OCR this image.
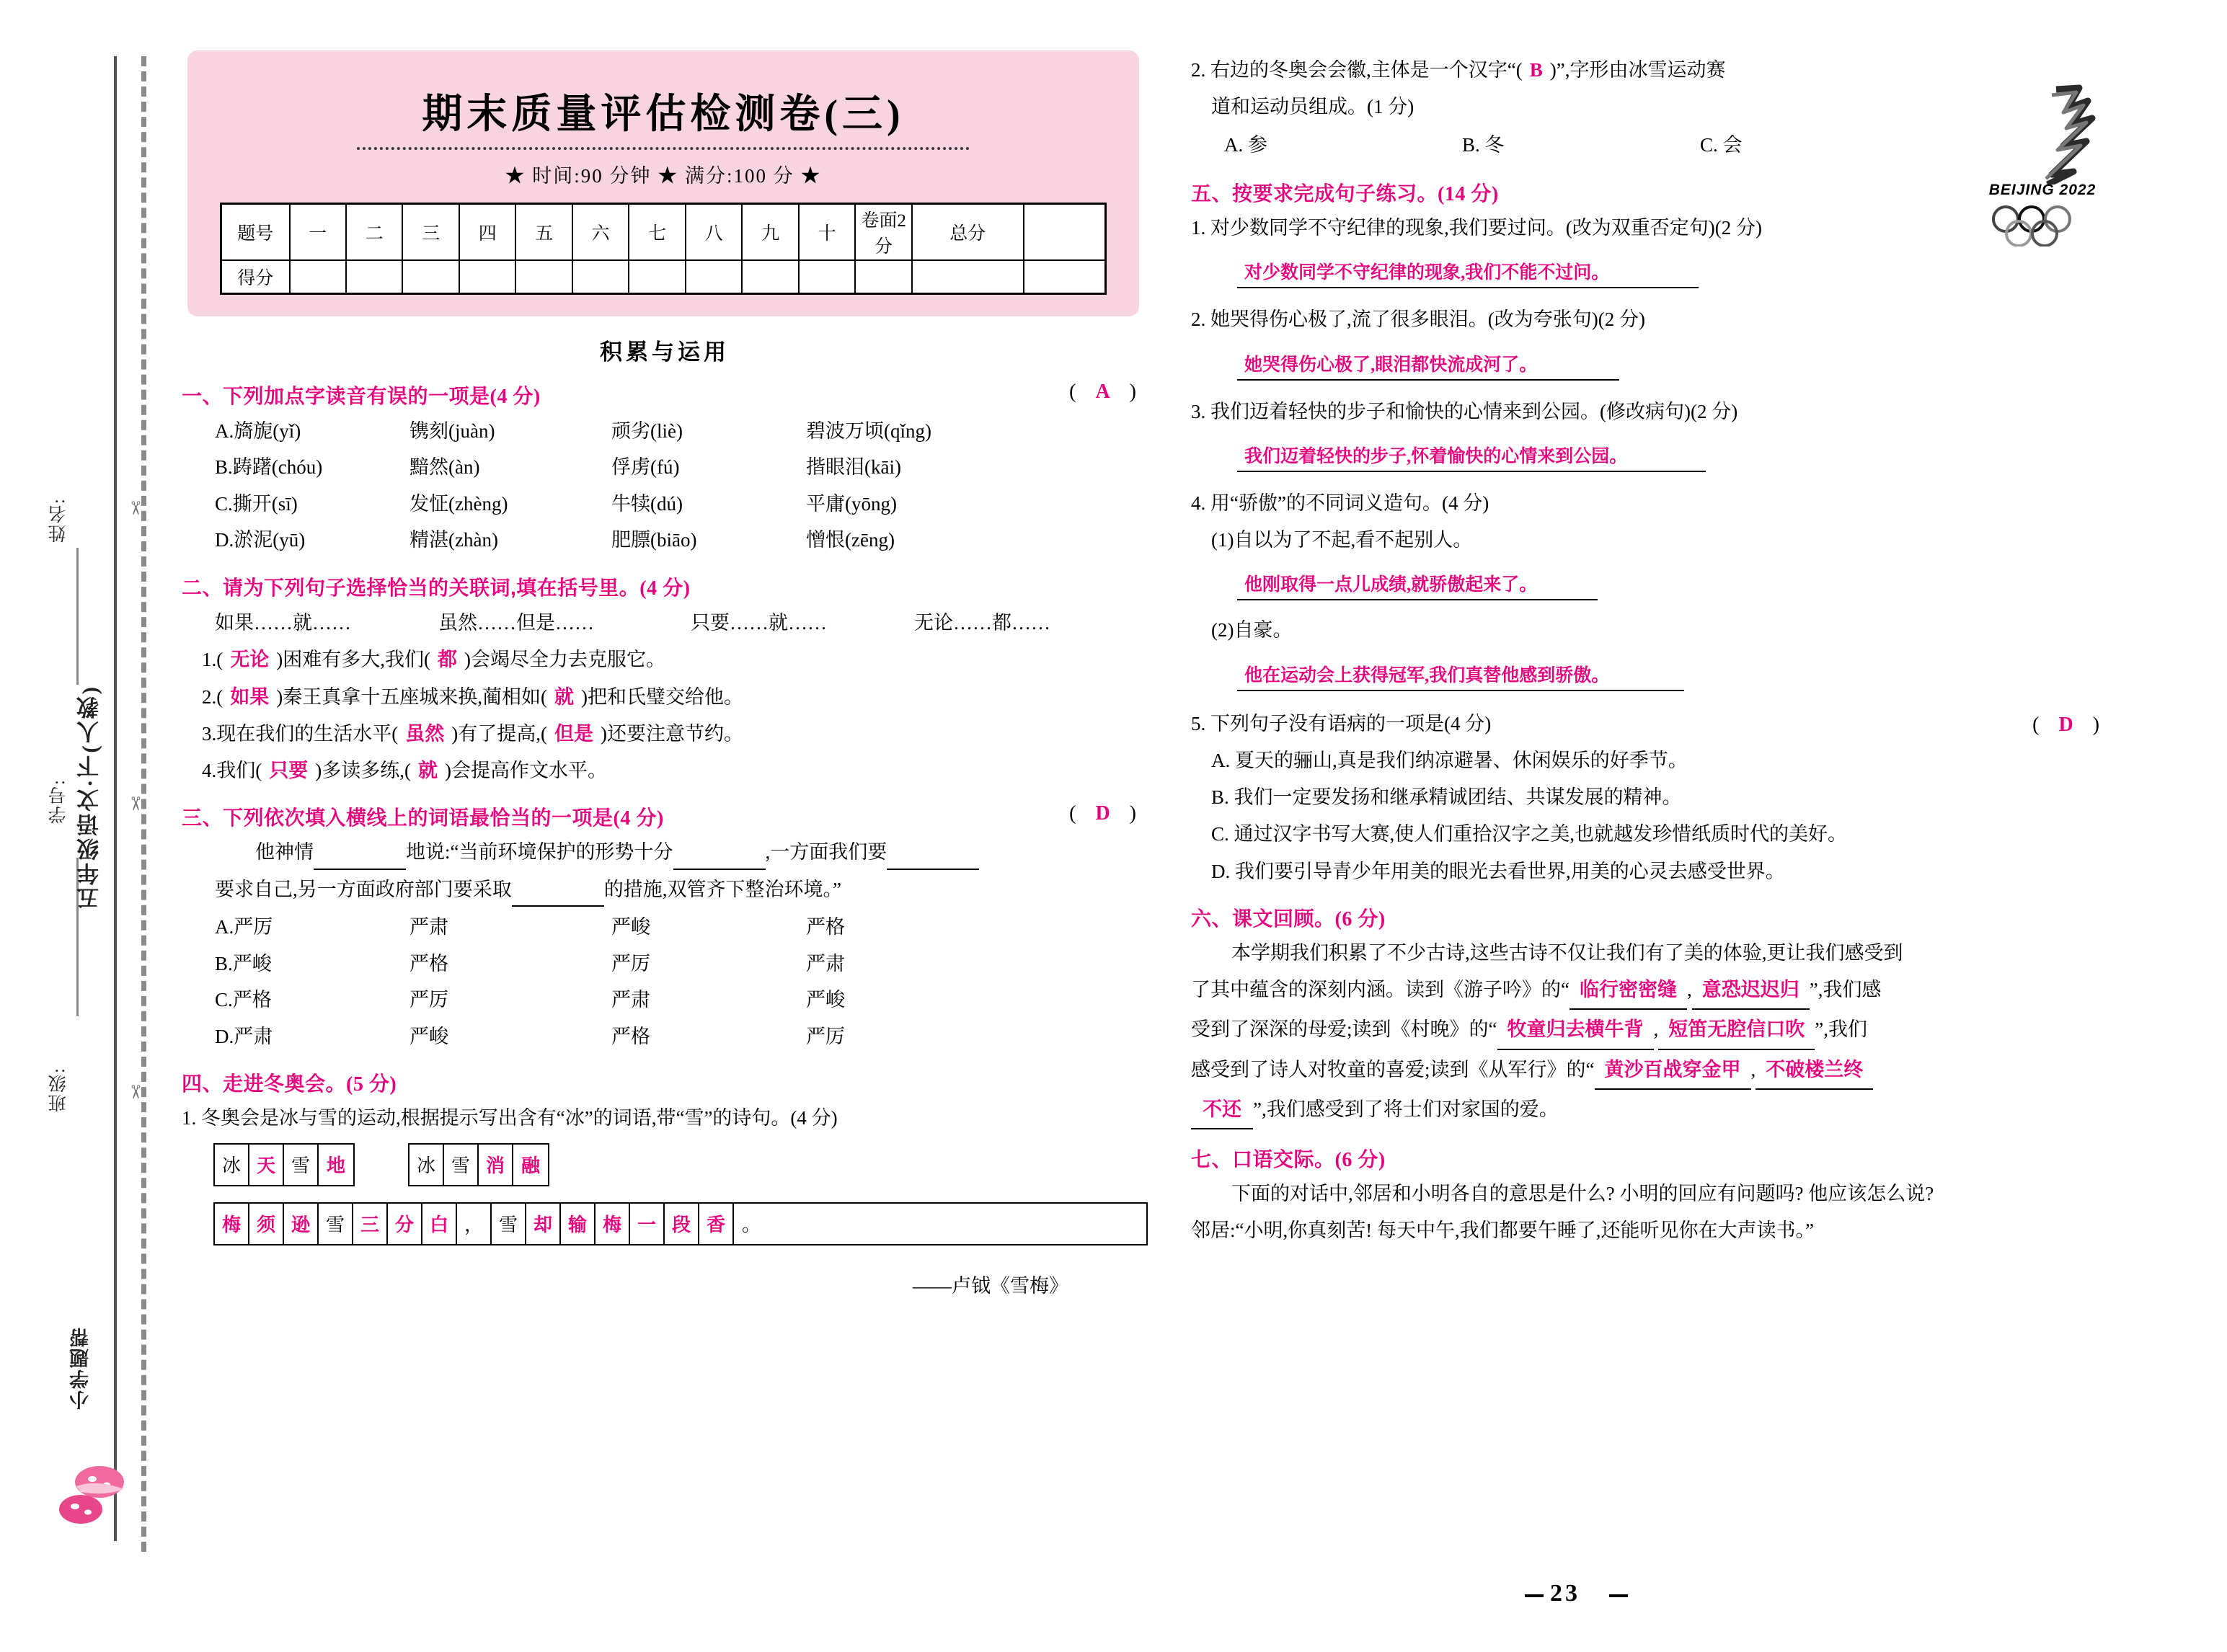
✂
✂
✂
姓名:
学号:
班级:
五年级语文·下(人教)
小学题帮
期末质量评估检测卷(三)
★ 时间:90 分钟 ★ 满分:100 分 ★
题号	一	二	三	四	五	六	七	八	九	十	卷面2分	总分	
得分													
积累与运用
一、下列加点字读音有误的一项是(4 分)	( A )
A.旖旎(yǐ)	镌刻(juàn)	顽劣(liè)	碧波万顷(qǐng)
B.踌躇(chóu)	黯然(àn)	俘虏(fú)	揩眼泪(kāi)
C.撕开(sī)	发怔(zhèng)	牛犊(dú)	平庸(yōng)
D.淤泥(yū)	精湛(zhàn)	肥膘(biāo)	憎恨(zēng)
二、请为下列句子选择恰当的关联词,填在括号里。(4 分)
如果……就……	虽然……但是……	只要……就……	无论……都……
1.( 无论 )困难有多大,我们( 都 )会竭尽全力去克服它。
2.( 如果 )秦王真拿十五座城来换,蔺相如( 就 )把和氏璧交给他。
3.现在我们的生活水平( 虽然 )有了提高,( 但是 )还要注意节约。
4.我们( 只要 )多读多练,( 就 )会提高作文水平。
三、下列依次填入横线上的词语最恰当的一项是(4 分)	( D )
他神情	地说:“当前环境保护的形势十分	,一方面我们要
要求自己,另一方面政府部门要采取	的措施,双管齐下整治环境。”
A.严厉	严肃	严峻	严格
B.严峻	严格	严厉	严肃
C.严格	严厉	严肃	严峻
D.严肃	严峻	严格	严厉
四、走进冬奥会。(5 分)
1. 冬奥会是冰与雪的运动,根据提示写出含有“冰”的词语,带“雪”的诗句。(4 分)
冰 天 雪 地	冰 雪 消 融
梅 须 逊 雪 三 分 白 ， 雪 却 输 梅 一 段 香 。
——卢钺《雪梅》
BEIJING 2022
2. 右边的冬奥会会徽,主体是一个汉字“( B )”,字形由冰雪运动赛
道和运动员组成。(1 分)
A. 参	B. 冬	C. 会
五、按要求完成句子练习。(14 分)
1. 对少数同学不守纪律的现象,我们要过问。(改为双重否定句)(2 分)
对少数同学不守纪律的现象,我们不能不过问。
2. 她哭得伤心极了,流了很多眼泪。(改为夸张句)(2 分)
她哭得伤心极了,眼泪都快流成河了。
3. 我们迈着轻快的步子和愉快的心情来到公园。(修改病句)(2 分)
我们迈着轻快的步子,怀着愉快的心情来到公园。
4. 用“骄傲”的不同词义造句。(4 分)
(1)自以为了不起,看不起别人。
他刚取得一点儿成绩,就骄傲起来了。
(2)自豪。
他在运动会上获得冠军,我们真替他感到骄傲。
5. 下列句子没有语病的一项是(4 分)	( D )
A. 夏天的骊山,真是我们纳凉避暑、休闲娱乐的好季节。
B. 我们一定要发扬和继承精诚团结、共谋发展的精神。
C. 通过汉字书写大赛,使人们重拾汉字之美,也就越发珍惜纸质时代的美好。
D. 我们要引导青少年用美的眼光去看世界,用美的心灵去感受世界。
六、课文回顾。(6 分)
本学期我们积累了不少古诗,这些古诗不仅让我们有了美的体验,更让我们感受到
了其中蕴含的深刻内涵。读到《游子吟》的“ 临行密密缝 , 意恐迟迟归 ”,我们感
受到了深深的母爱;读到《村晚》的“ 牧童归去横牛背 , 短笛无腔信口吹 ”,我们
感受到了诗人对牧童的喜爱;读到《从军行》的“ 黄沙百战穿金甲 , 不破楼兰终
不还 ”,我们感受到了将士们对家国的爱。
七、口语交际。(6 分)
下面的对话中,邻居和小明各自的意思是什么? 小明的回应有问题吗? 他应该怎么说?
邻居:“小明,你真刻苦! 每天中午,我们都要午睡了,还能听见你在大声读书。”
23
